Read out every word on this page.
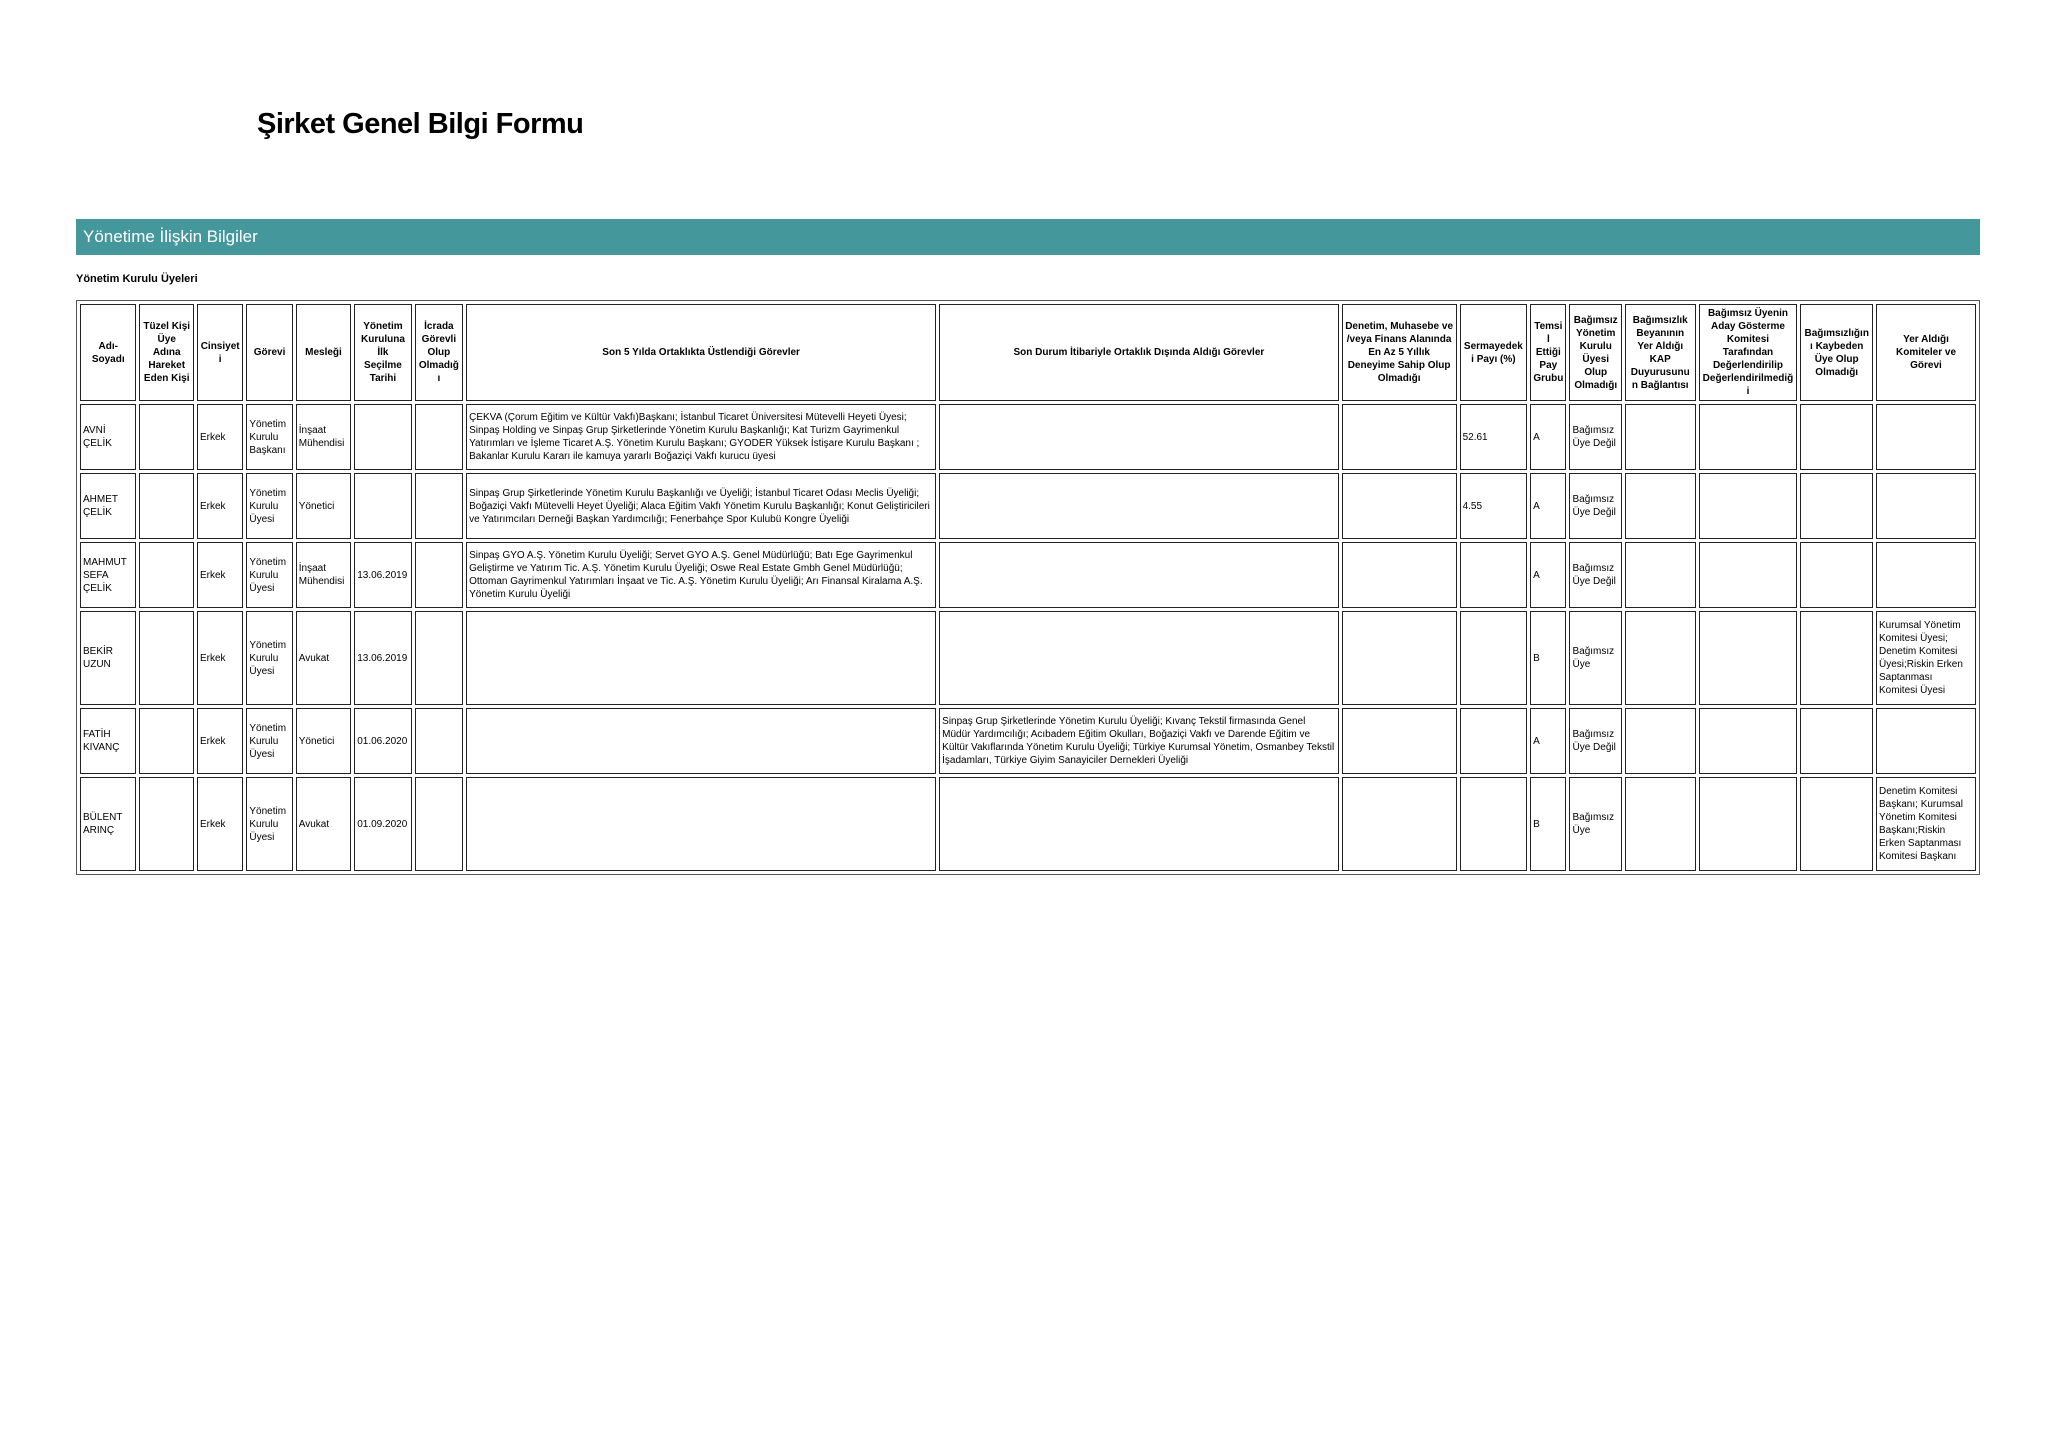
Şirket Genel Bilgi Formu
Yönetime İlişkin Bilgiler
Yönetim Kurulu Üyeleri
Adı-Soyadı	Tüzel Kişi Üye Adına Hareket Eden Kişi	Cinsiyeti	Görevi	Mesleği	Yönetim Kuruluna İlk Seçilme Tarihi	İcrada Görevli Olup Olmadığı	Son 5 Yılda Ortaklıkta Üstlendiği Görevler	Son Durum İtibariyle Ortaklık Dışında Aldığı Görevler	Denetim, Muhasebe ve /veya Finans Alanında En Az 5 Yıllık Deneyime Sahip Olup Olmadığı	Sermayedeki Payı (%)	Temsil Ettiği Pay Grubu	Bağımsız Yönetim Kurulu Üyesi Olup Olmadığı	Bağımsızlık Beyanının Yer Aldığı KAP Duyurusunun Bağlantısı	Bağımsız Üyenin Aday Gösterme Komitesi Tarafından Değerlendirilip Değerlendirilmediği	Bağımsızlığını Kaybeden Üye Olup Olmadığı	Yer Aldığı Komiteler ve Görevi
AVNİ ÇELİK		Erkek	Yönetim Kurulu Başkanı	İnşaat Mühendisi			ÇEKVA (Çorum Eğitim ve Kültür Vakfı)Başkanı; İstanbul Ticaret Üniversitesi Mütevelli Heyeti Üyesi; Sinpaş Holding ve Sinpaş Grup Şirketlerinde Yönetim Kurulu Başkanlığı; Kat Turizm Gayrimenkul Yatırımları ve İşleme Ticaret A.Ş. Yönetim Kurulu Başkanı; GYODER Yüksek İstişare Kurulu Başkanı ; Bakanlar Kurulu Kararı ile kamuya yararlı Boğaziçi Vakfı kurucu üyesi			52.61	A	Bağımsız Üye Değil				
AHMET ÇELİK		Erkek	Yönetim Kurulu Üyesi	Yönetici			Sinpaş Grup Şirketlerinde Yönetim Kurulu Başkanlığı ve Üyeliği; İstanbul Ticaret Odası Meclis Üyeliği; Boğaziçi Vakfı Mütevelli Heyet Üyeliği; Alaca Eğitim Vakfı Yönetim Kurulu Başkanlığı; Konut Geliştiricileri ve Yatırımcıları Derneği Başkan Yardımcılığı; Fenerbahçe Spor Kulubü Kongre Üyeliği			4.55	A	Bağımsız Üye Değil				
MAHMUT SEFA ÇELİK		Erkek	Yönetim Kurulu Üyesi	İnşaat Mühendisi	13.06.2019		Sinpaş GYO A.Ş. Yönetim Kurulu Üyeliği; Servet GYO A.Ş. Genel Müdürlüğü; Batı Ege Gayrimenkul Geliştirme ve Yatırım Tic. A.Ş. Yönetim Kurulu Üyeliği; Oswe Real Estate Gmbh Genel Müdürlüğü; Ottoman Gayrimenkul Yatırımları İnşaat ve Tic. A.Ş. Yönetim Kurulu Üyeliği; Arı Finansal Kiralama A.Ş. Yönetim Kurulu Üyeliği				A	Bağımsız Üye Değil				
BEKİR UZUN		Erkek	Yönetim Kurulu Üyesi	Avukat	13.06.2019						B	Bağımsız Üye				Kurumsal Yönetim Komitesi Üyesi; Denetim Komitesi Üyesi;Riskin Erken Saptanması Komitesi Üyesi
FATİH KIVANÇ		Erkek	Yönetim Kurulu Üyesi	Yönetici	01.06.2020			Sinpaş Grup Şirketlerinde Yönetim Kurulu Üyeliği; Kıvanç Tekstil firmasında Genel Müdür Yardımcılığı; Acıbadem Eğitim Okulları, Boğaziçi Vakfı ve Darende Eğitim ve Kültür Vakıflarında Yönetim Kurulu Üyeliği; Türkiye Kurumsal Yönetim, Osmanbey Tekstil İşadamları, Türkiye Giyim Sanayiciler Dernekleri Üyeliği			A	Bağımsız Üye Değil				
BÜLENT ARINÇ		Erkek	Yönetim Kurulu Üyesi	Avukat	01.09.2020						B	Bağımsız Üye				Denetim Komitesi Başkanı; Kurumsal Yönetim Komitesi Başkanı;Riskin Erken Saptanması Komitesi Başkanı
